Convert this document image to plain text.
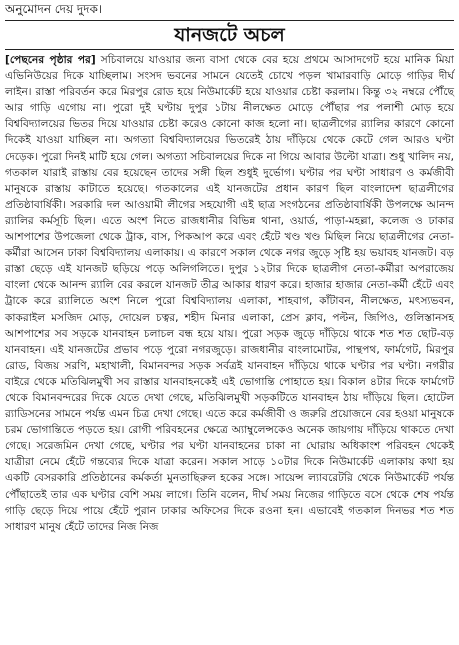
অনুমোদন দেয় দুদক।
যানজটে অচল
[পেছনের পৃষ্ঠার পর] সচিবালয়ে যাওয়ার জন্য বাসা থেকে বের হয়ে প্রথমে আসাদগেট হয়ে মানিক মিয়া এভিনিউয়ের দিকে যাচ্ছিলাম। সংসদ ভবনের সামনে যেতেই চোখে পড়ল খামারবাড়ি মোড়ে গাড়ির দীর্ঘ লাইন। রাস্তা পরিবর্তন করে মিরপুর রোড হয়ে নিউমার্কেট হয়ে যাওয়ার চেষ্টা করলাম। কিন্তু ৩২ নম্বরে পৌঁছে আর গাড়ি এগোয় না। পুরো দুই ঘণ্টায় দুপুর ১টায় নীলক্ষেত মোড়ে পৌঁছার পর পলাশী মোড় হয়ে বিশ্ববিদ্যালয়ের ভিতর দিয়ে যাওয়ার চেষ্টা করেও কোনো কাজ হলো না। ছাত্রলীগের র‍্যালির কারণে কোনো দিকেই যাওয়া যাচ্ছিল না। অগত্যা বিশ্ববিদ্যালয়ের ভিতরেই ঠায় দাঁড়িয়ে থেকে কেটে গেল আরও ঘণ্টা দেড়েক। পুরো দিনই মাটি হয়ে গেল। অগত্যা সচিবালয়ের দিকে না গিয়ে আবার উল্টো যাত্রা। শুধু খালিদ নয়, গতকাল যারাই রাস্তায় বের হয়েছেন তাদের সঙ্গী ছিল শুধুই দুর্ভোগ। ঘণ্টার পর ঘণ্টা সাধারণ ও কর্মজীবী মানুষকে রাস্তায় কাটাতে হয়েছে। গতকালের এই যানজটের প্রধান কারণ ছিল বাংলাদেশ ছাত্রলীগের প্রতিষ্ঠাবার্ষিকী। সরকারি দল আওয়ামী লীগের সহযোগী এই ছাত্র সংগঠনের প্রতিষ্ঠাবার্ষিকী উপলক্ষে আনন্দ র‍্যালির কর্মসূচি ছিল। এতে অংশ নিতে রাজধানীর বিভিন্ন থানা, ওয়ার্ড, পাড়া-মহল্লা, কলেজ ও ঢাকার আশপাশের উপজেলা থেকে ট্রাক, বাস, পিকআপ করে এবং হেঁটে খণ্ড খণ্ড মিছিল নিয়ে ছাত্রলীগের নেতা-কর্মীরা আসেন ঢাকা বিশ্ববিদ্যালয় এলাকায়। এ কারণে সকাল থেকে নগর জুড়ে সৃষ্টি হয় ভয়াবহ যানজট। বড় রাস্তা ছেড়ে এই যানজট ছড়িয়ে পড়ে অলিগলিতে। দুপুর ১২টার দিকে ছাত্রলীগ নেতা-কর্মীরা অপরাজেয় বাংলা থেকে আনন্দ র‍্যালি বের করলে যানজট তীব্র আকার ধারণ করে। হাজার হাজার নেতা-কর্মী হেঁটে এবং ট্রাকে করে র‍্যালিতে অংশ নিলে পুরো বিশ্ববিদ্যালয় এলাকা, শাহবাগ, কাঁটাবন, নীলক্ষেত, মৎস্যভবন, কাকরাইল মসজিদ মোড়, দোয়েল চত্বর, শহীদ মিনার এলাকা, প্রেস ক্লাব, পল্টন, জিপিও, গুলিস্তানসহ আশপাশের সব সড়কে যানবাহন চলাচল বন্ধ হয়ে যায়। পুরো সড়ক জুড়ে দাঁড়িয়ে থাকে শত শত ছোট-বড় যানবাহন। এই যানজটের প্রভাব পড়ে পুরো নগরজুড়ে। রাজধানীর বাংলামোটর, পান্থপথ, ফার্মগেট, মিরপুর রোড, বিজয় সরণি, মহাখালী, বিমানবন্দর সড়ক সর্বত্রই যানবাহন দাঁড়িয়ে থাকে ঘণ্টার পর ঘণ্টা। নগরীর বাইরে থেকে মতিঝিলমুখী সব রাস্তার যানবাহনকেই এই ভোগান্তি পোহাতে হয়। বিকাল ৪টার দিকে ফার্মগেট থেকে বিমানবন্দরের দিকে যেতে দেখা গেছে, মতিঝিলমুখী সড়কটিতে যানবাহন ঠায় দাঁড়িয়ে ছিল। হোটেল র‍্যাডিসনের সামনে পর্যন্ত এমন চিত্র দেখা গেছে। এতে করে কর্মজীবী ও জরুরি প্রয়োজনে বের হওয়া মানুষকে চরম ভোগান্তিতে পড়তে হয়। রোগী পরিবহনের ক্ষেত্রে অ্যাম্বুলেন্সকেও অনেক জায়গায় দাঁড়িয়ে থাকতে দেখা গেছে। সরেজমিন দেখা গেছে, ঘণ্টার পর ঘণ্টা যানবাহনের চাকা না ঘোরায় অধিকাংশ পরিবহন থেকেই যাত্রীরা নেমে হেঁটে গন্তব্যের দিকে যাত্রা করেন। সকাল সাড়ে ১০টার দিকে নিউমার্কেট এলাকায় কথা হয় একটি বেসরকারি প্রতিষ্ঠানের কর্মকর্তা মুনতাছিরুল হকের সঙ্গে। সায়েন্স ল্যাবরেটরি থেকে নিউমার্কেট পর্যন্ত পৌঁছাতেই তার এক ঘণ্টার বেশি সময় লাগে। তিনি বলেন, দীর্ঘ সময় নিজের গাড়িতে বসে থেকে শেষ পর্যন্ত গাড়ি ছেড়ে দিয়ে পায়ে হেঁটে পুরান ঢাকার অফিসের দিকে রওনা হন। এভাবেই গতকাল দিনভর শত শত সাধারণ মানুষ হেঁটে তাদের নিজ নিজ
